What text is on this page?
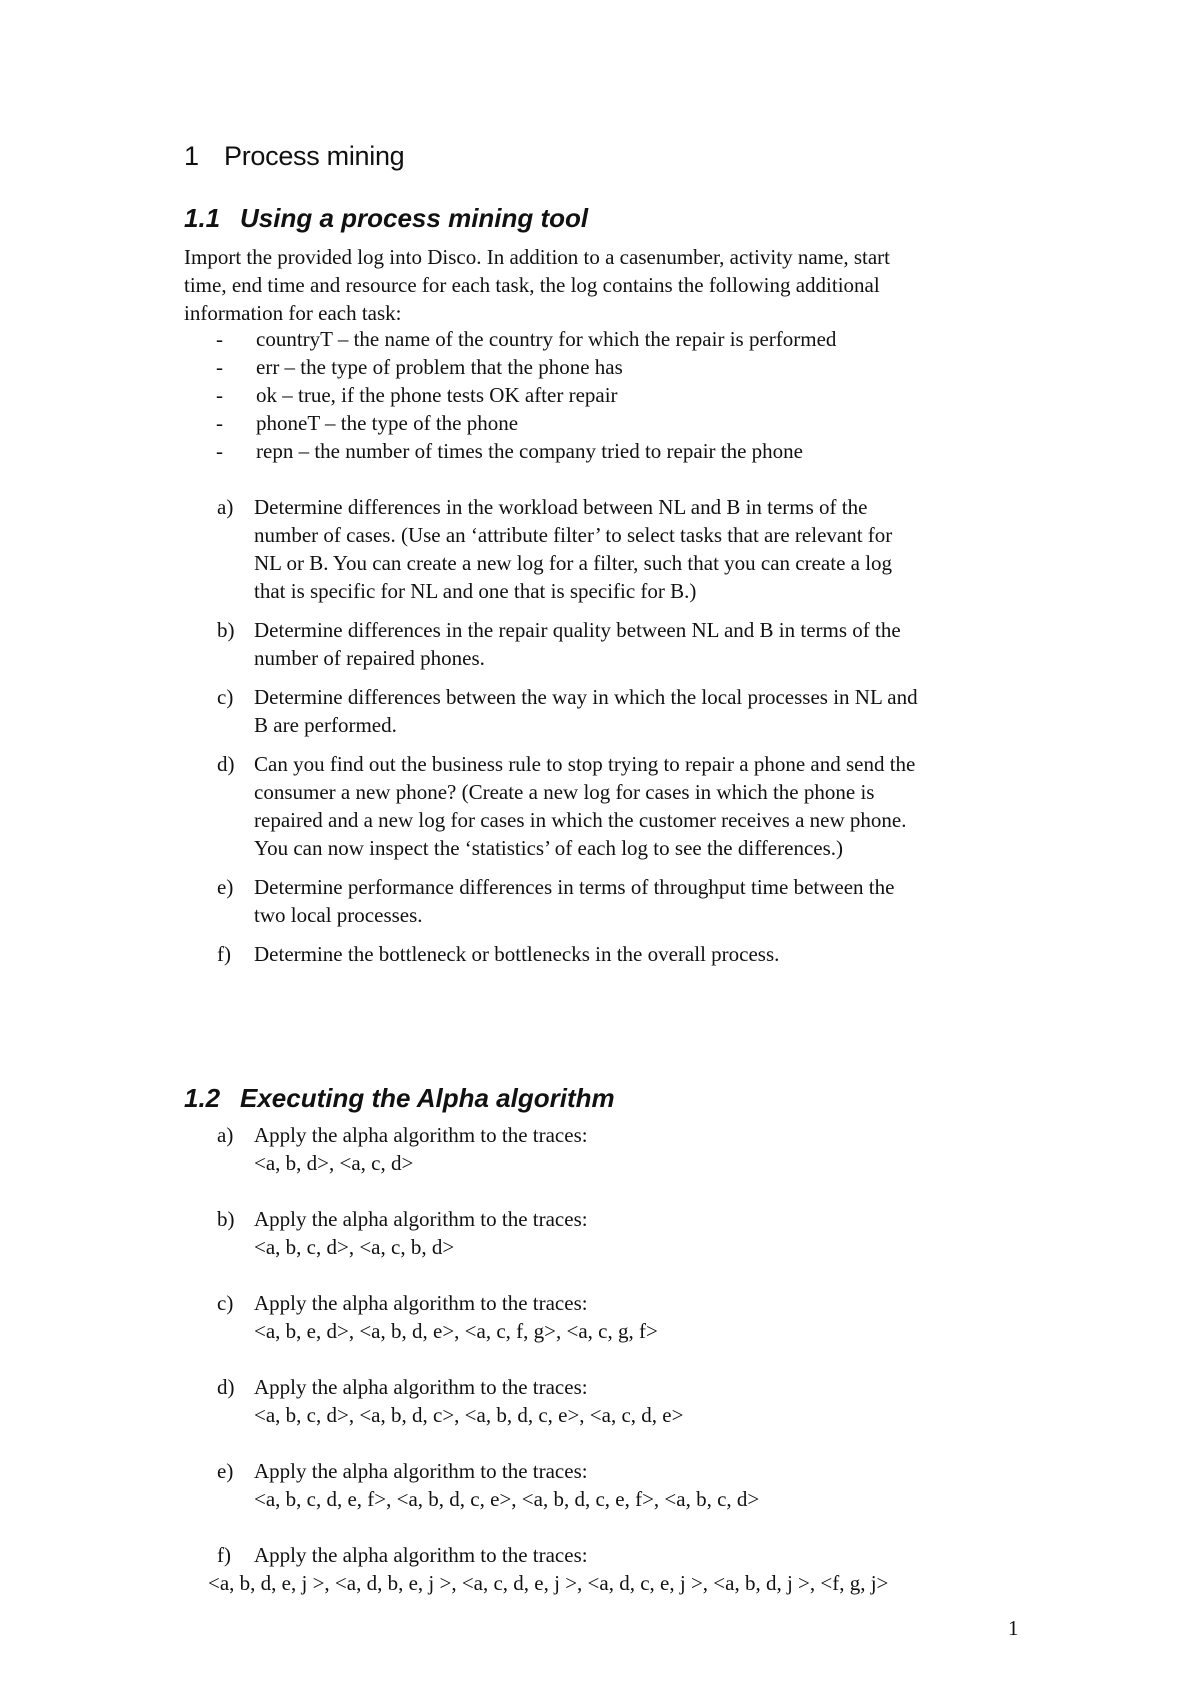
1 Process mining
1.1 Using a process mining tool
Import the provided log into Disco. In addition to a casenumber, activity name, start
time, end time and resource for each task, the log contains the following additional
information for each task:
- countryT – the name of the country for which the repair is performed
- err – the type of problem that the phone has
- ok – true, if the phone tests OK after repair
- phoneT – the type of the phone
- repn – the number of times the company tried to repair the phone
a) Determine differences in the workload between NL and B in terms of the
number of cases. (Use an ‘attribute filter’ to select tasks that are relevant for
NL or B. You can create a new log for a filter, such that you can create a log
that is specific for NL and one that is specific for B.)
b) Determine differences in the repair quality between NL and B in terms of the
number of repaired phones.
c) Determine differences between the way in which the local processes in NL and
B are performed.
d) Can you find out the business rule to stop trying to repair a phone and send the
consumer a new phone? (Create a new log for cases in which the phone is
repaired and a new log for cases in which the customer receives a new phone.
You can now inspect the ‘statistics’ of each log to see the differences.)
e) Determine performance differences in terms of throughput time between the
two local processes.
f) Determine the bottleneck or bottlenecks in the overall process.
1.2 Executing the Alpha algorithm
a) Apply the alpha algorithm to the traces:
<a, b, d>, <a, c, d>
b) Apply the alpha algorithm to the traces:
<a, b, c, d>, <a, c, b, d>
c) Apply the alpha algorithm to the traces:
<a, b, e, d>, <a, b, d, e>, <a, c, f, g>, <a, c, g, f>
d) Apply the alpha algorithm to the traces:
<a, b, c, d>, <a, b, d, c>, <a, b, d, c, e>, <a, c, d, e>
e) Apply the alpha algorithm to the traces:
<a, b, c, d, e, f>, <a, b, d, c, e>, <a, b, d, c, e, f>, <a, b, c, d>
f) Apply the alpha algorithm to the traces:
<a, b, d, e, j >, <a, d, b, e, j >, <a, c, d, e, j >, <a, d, c, e, j >, <a, b, d, j >, <f, g, j>
1
